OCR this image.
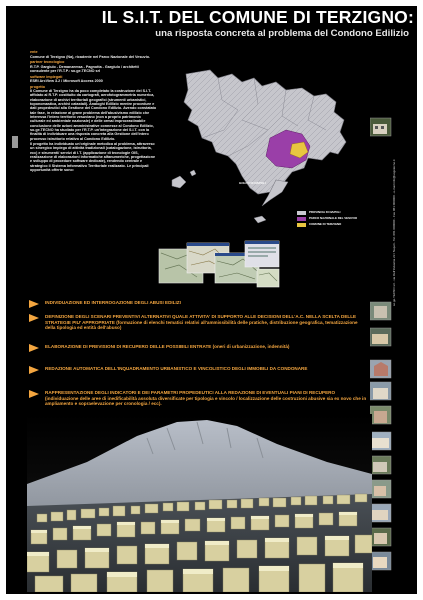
IL S.I.T. DEL COMUNE DI TERZIGNO:
una risposta concreta al problema del Condono Edilizio
ente
Comune di Terzigno (Na), ricadente nel Parco Nazionale del Vesuvio.
partner tecnologico
R.T.P. Gargiulo - Demanzemsa - Pagnotta - Gargiulo / architetti consulente per l'R.T.P.: so.ge.TECNO srl
software impiegati
ESRI ArcView 3.2 / Microsoft Access 2000
progetto
Il Comune di Terzigno ha da poco completato la costruzione del S.I.T. affidato al R.T.P. costituito da cartografi, aerofotogrammetria numerica, elaborazione di archivi territoriali geografici (strumenti urbanistici, toponomastica, archivi catastali). Analoghi Edilizio mentre procedure e dati propedeutici alla Gestione del Condono Edilizio. Avendo constatato tale fase, in relazione al grave problema dell'abusivismo edilizio che interessa l'intero territorio vesuviano (non a proprio patrimonio culturale ed ambientale nazionale) e delle ormai improcrastinabile conclusione delle azioni amministrative connesse al Condono Edilizio, so.ge.TECNO ha studiato per l'R.T.P. un'integrazione del S.I.T. con la finalità di individuare una risposta concreta alla Gestione dell'intero processo istruttorio relativo al Condono Edilizio.
Il progetto ha individuato un'originale metodica al problema, attraverso un sinergico impiego di attività tradizionali (catalogazione, istruttoria, ecc) e strumenti/ servizi di I.T. (applicazione di tecnologie GIS, realizzazione di elaborazioni informatiche alfanumeriche, progettazione e sviluppo di procedure software dedicate), rendendo centrale e strategico il Sistema Informativo Territoriale realizzato. Le principali opportunità offerte sono:
GOLFO DI NAPOLI
PROVINCIA DI NAPOLI
PARCO NAZIONALE DEL VESUVIO
COMUNE DI TERZIGNO	so.ge.TECNO srl - via Dell'Industria 23 / Napoli - Tel. 081 000000 - Fax 081 000000 - e-mail info@sogetecno.it
INDIVIDUAZIONE ED INTERROGAZIONE DEGLI ABUSI EDILIZI
DEFINIZIONE DEGLI SCENARI PREVENTIVI ALTERNATIVI QUALE ATTIVITA' DI SUPPORTO ALLE DECISIONI DELL'A.C. NELLA SCELTA DELLE STRATEGIE PIU' APPROPRIATE (formazione di elenchi tematici relativi all'ammissibilità delle pratiche, distribuzione geografica, tematizzazione della tipologia ed entità dell'abuso)
ELABORAZIONE DI PREVISIONI DI RECUPERO DELLE POSSIBILI ENTRATE (oneri di urbanizzazione, indennità)
REDAZIONE AUTOMATICA DELL'INQUADRAMENTO URBANISTICO E VINCOLISTICO DEGLI IMMOBILI DA CONDONARE
RAPPRESENTAZIONE DEGLI INDICATORI E DEI PARAMETRI PROPEDEUTICI ALLA REDAZIONE DI EVENTUALI PIANI DI RECUPERO (individuazione delle aree di inedificabilità assoluta diversificate per tipologia e vincolo / localizzazione delle costruzioni abusive sia ex novo che in ampliamento e sopraelevazione per cronologia / ecc).
